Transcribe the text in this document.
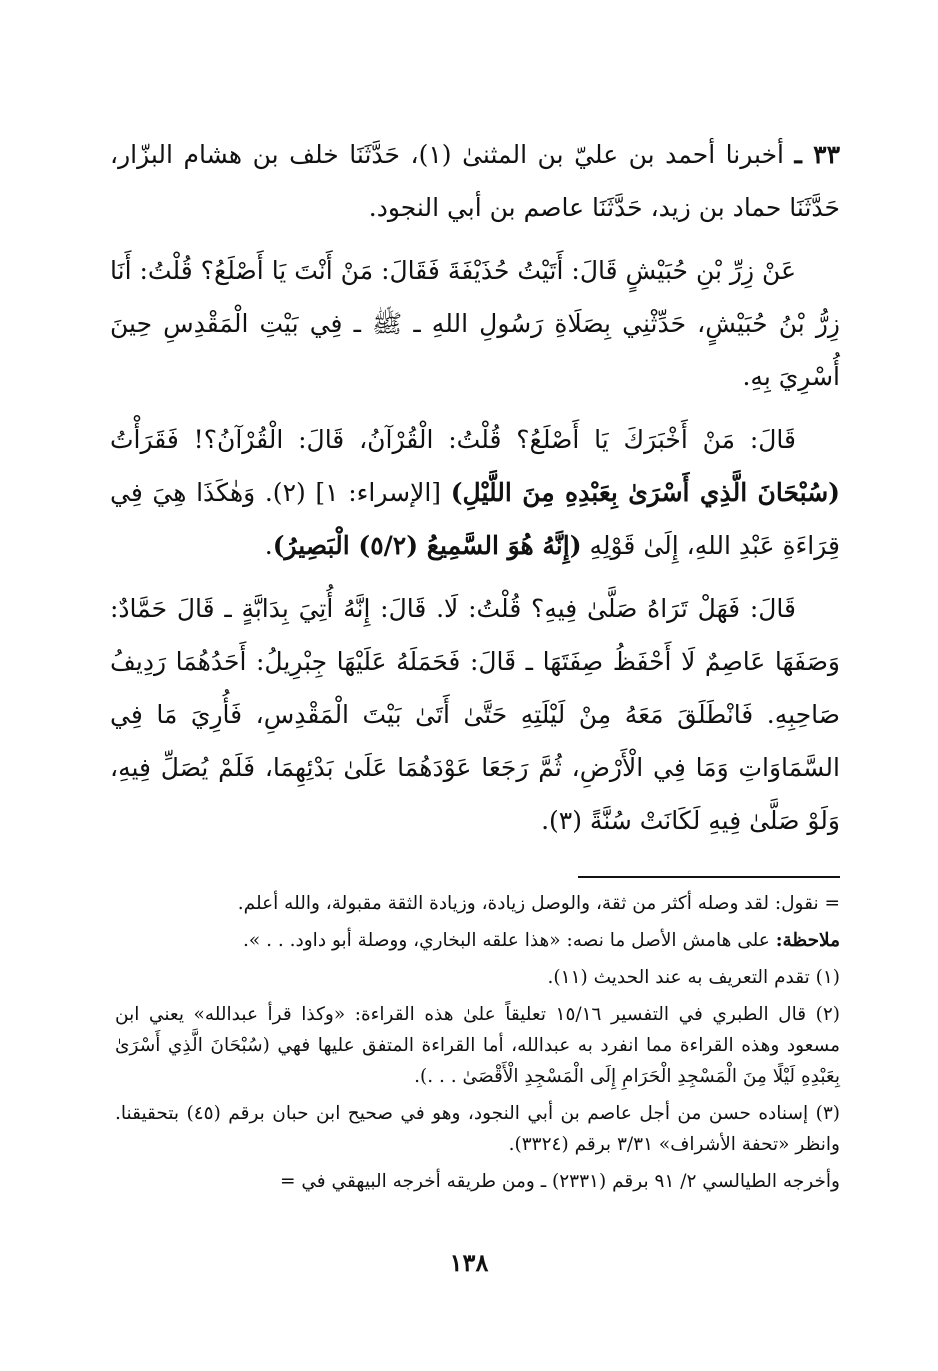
٣٣ ـ أخبرنا أحمد بن عليّ بن المثنىٰ (١)، حَدَّثَنَا خلف بن هشام البزّار، حَدَّثَنَا حماد بن زيد، حَدَّثَنَا عاصم بن أبي النجود.

عَنْ زِرِّ بْنِ حُبَيْشٍ قَالَ: أَتَيْتُ حُذَيْفَةَ فَقَالَ: مَنْ أَنْتَ يَا أَصْلَعُ؟ قُلْتُ: أَنَا زِرُّ بْنُ حُبَيْشٍ، حَدِّثْنِي بِصَلَاةِ رَسُولِ اللهِ ـ ﷺ ـ فِي بَيْتِ الْمَقْدِسِ حِينَ أُسْرِيَ بِهِ.

قَالَ: مَنْ أَخْبَرَكَ يَا أَصْلَعُ؟ قُلْتُ: الْقُرْآنُ، قَالَ: الْقُرْآنُ؟! فَقَرَأْتُ (سُبْحَانَ الَّذِي أَسْرَىٰ بِعَبْدِهِ مِنَ اللَّيْلِ) [الإسراء: ١] (٢). وَهٰكَذَا هِيَ فِي قِرَاءَةِ عَبْدِ اللهِ، إِلَىٰ قَوْلِهِ (إِنَّهُ هُوَ السَّمِيعُ (٥/٢) الْبَصِيرُ).

قَالَ: فَهَلْ تَرَاهُ صَلَّىٰ فِيهِ؟ قُلْتُ: لَا. قَالَ: إِنَّهُ أُتِيَ بِدَابَّةٍ ـ قَالَ حَمَّادٌ: وَصَفَهَا عَاصِمٌ لَا أَحْفَظُ صِفَتَهَا ـ قَالَ: فَحَمَلَهُ عَلَيْهَا جِبْرِيلُ: أَحَدُهُمَا رَدِيفُ صَاحِبِهِ. فَانْطَلَقَ مَعَهُ مِنْ لَيْلَتِهِ حَتَّىٰ أَتَىٰ بَيْتَ الْمَقْدِسِ، فَأُرِيَ مَا فِي السَّمَاوَاتِ وَمَا فِي الْأَرْضِ، ثُمَّ رَجَعَا عَوْدَهُمَا عَلَىٰ بَدْئِهِمَا، فَلَمْ يُصَلِّ فِيهِ، وَلَوْ صَلَّىٰ فِيهِ لَكَانَتْ سُنَّةً (٣).

= نقول: لقد وصله أكثر من ثقة، والوصل زيادة، وزيادة الثقة مقبولة، والله أعلم.

ملاحظة: على هامش الأصل ما نصه: «هذا علقه البخاري، ووصلة أبو داود. . . ».

(١) تقدم التعريف به عند الحديث (١١).

(٢) قال الطبري في التفسير ١٥/١٦ تعليقاً علىٰ هذه القراءة: «وكذا قرأ عبدالله» يعني ابن مسعود وهذه القراءة مما انفرد به عبدالله، أما القراءة المتفق عليها فهي (سُبْحَانَ الَّذِي أَسْرَىٰ بِعَبْدِهِ لَيْلًا مِنَ الْمَسْجِدِ الْحَرَامِ إِلَى الْمَسْجِدِ الْأَقْصَىٰ . . .).

(٣) إسناده حسن من أجل عاصم بن أبي النجود، وهو في صحيح ابن حبان برقم (٤٥) بتحقيقنا. وانظر «تحفة الأشراف» ٣/٣١ برقم (٣٣٢٤).

وأخرجه الطيالسي ٢/ ٩١ برقم (٢٣٣١) ـ ومن طريقه أخرجه البيهقي في =

١٣٨
